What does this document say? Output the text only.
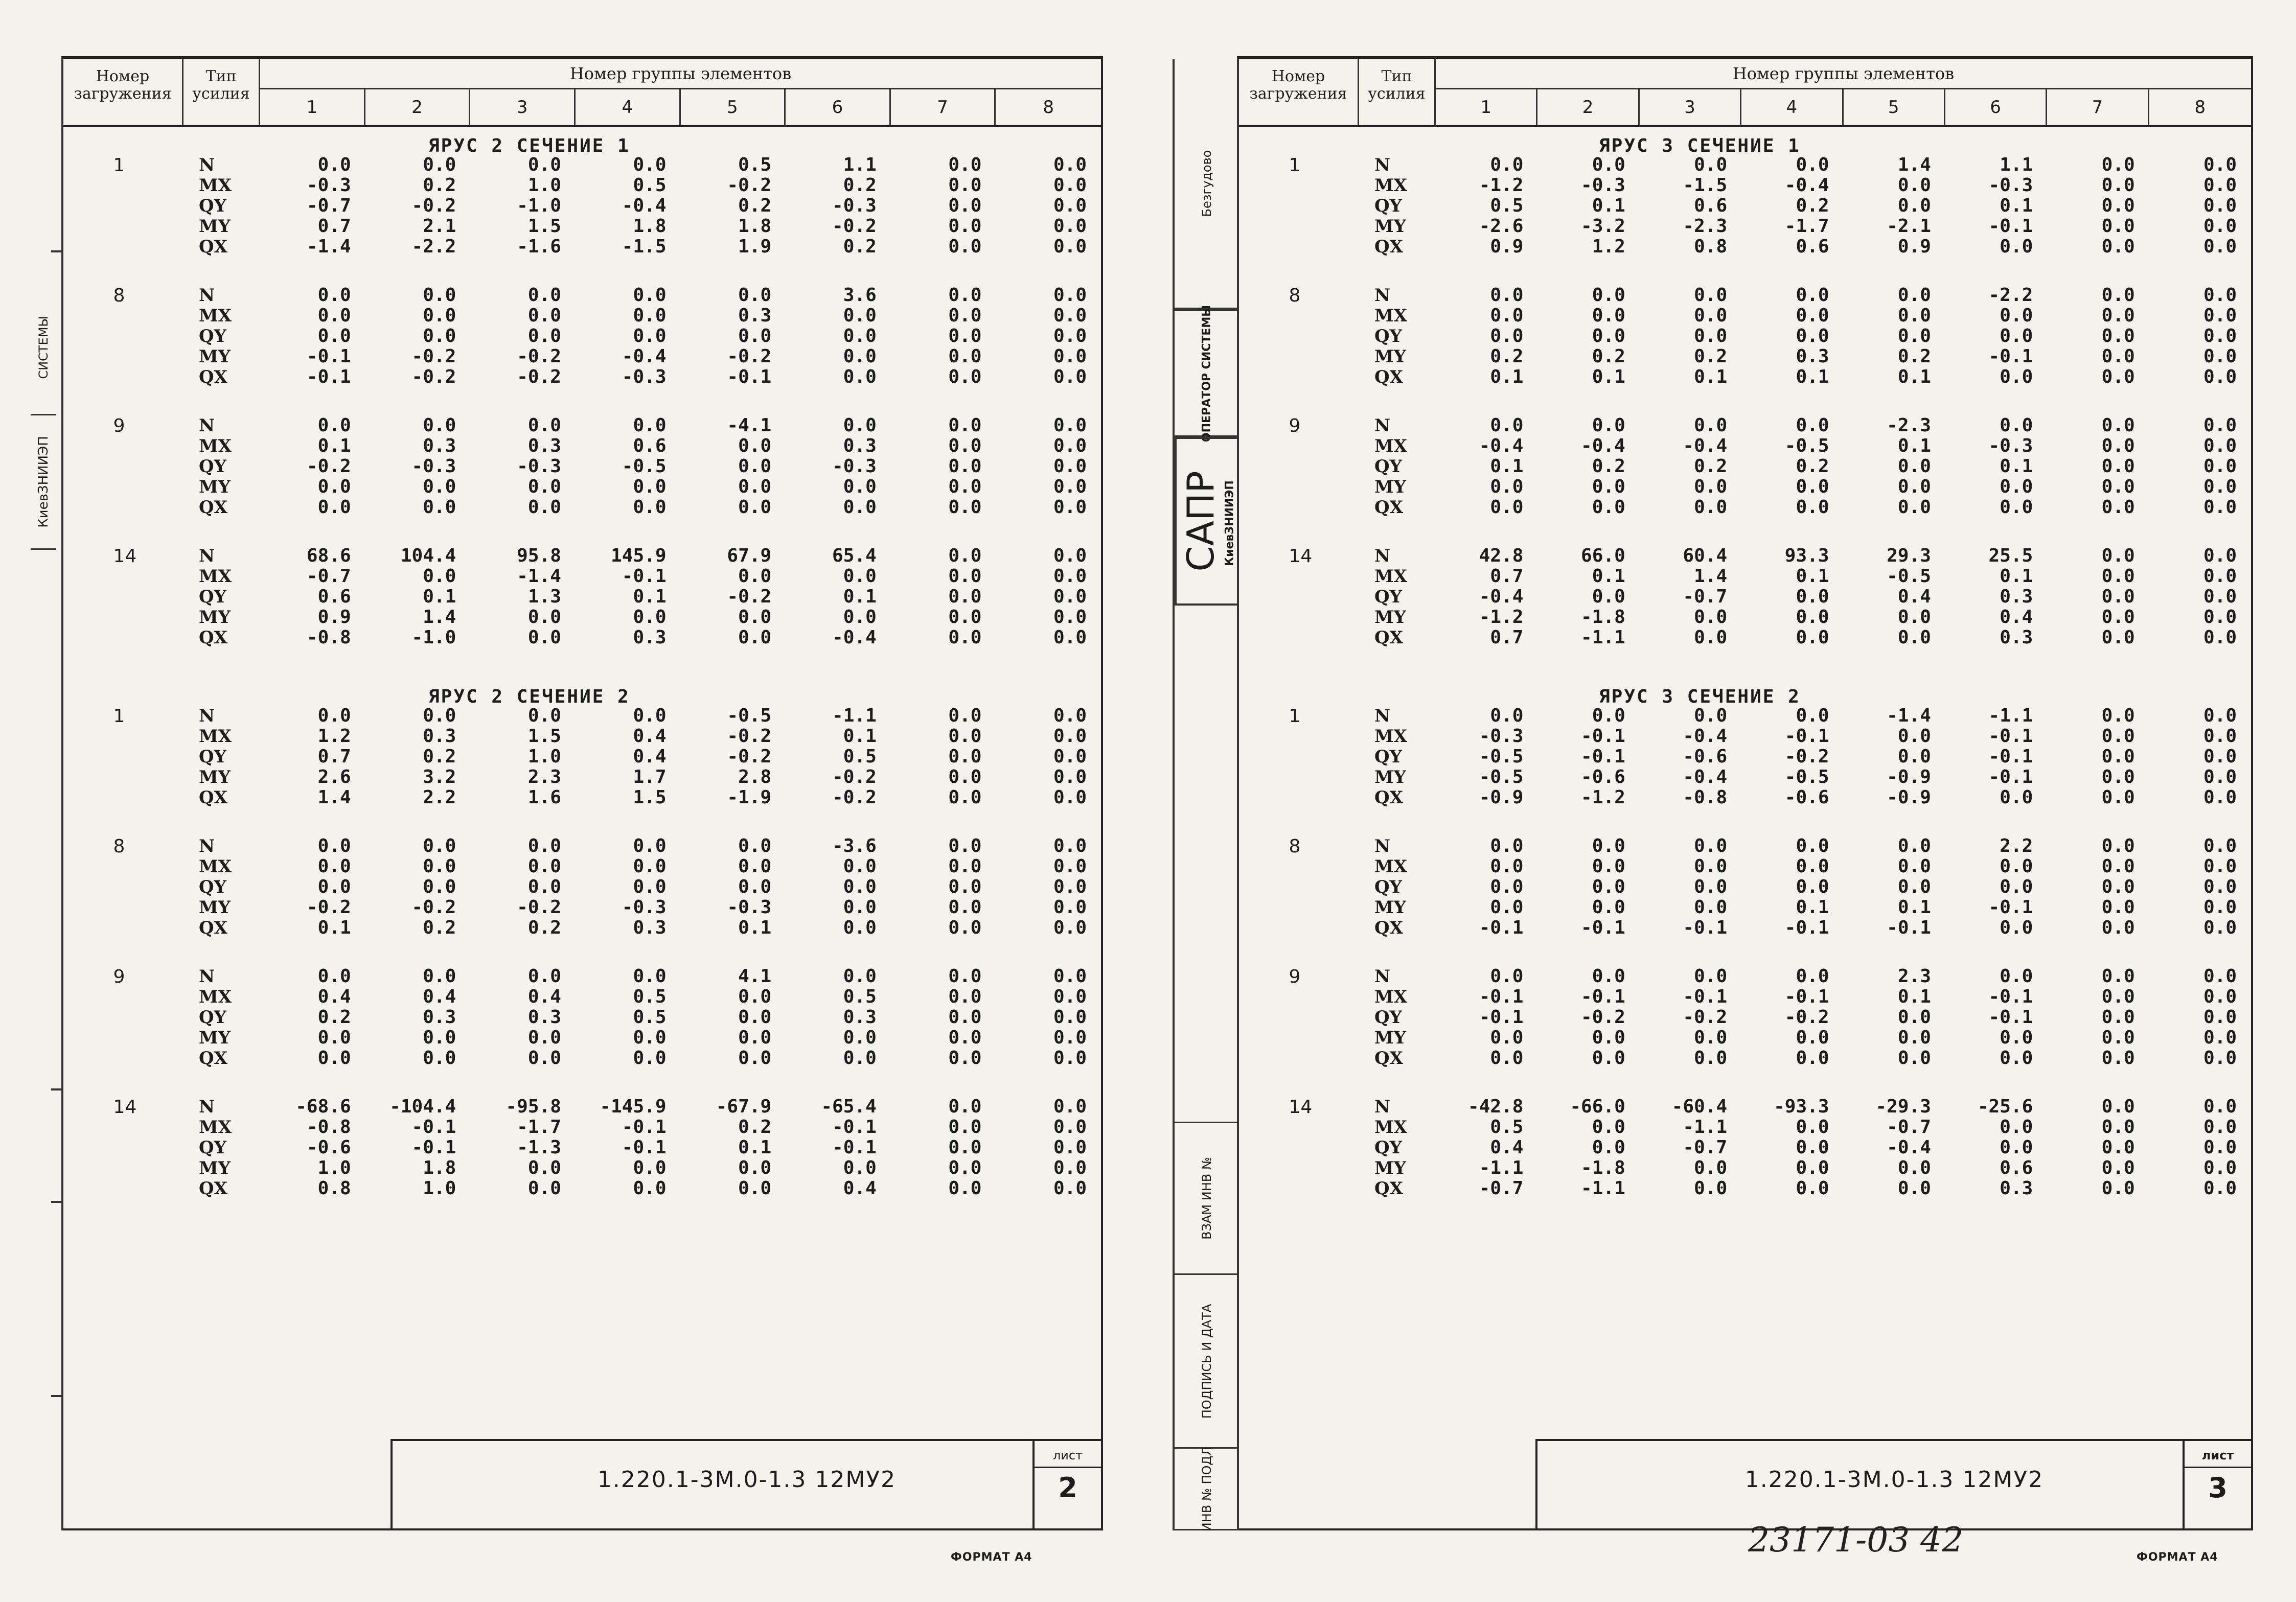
Номер загружения
Тип усилия
Номер группы элементов
1	2	3	4	5	6	7	8
ЯРУС 2 СЕЧЕНИЕ 1
1	N	0.0	0.0	0.0	0.0	0.5	1.1	0.0	0.0
MX	-0.3	0.2	1.0	0.5	-0.2	0.2	0.0	0.0
QY	-0.7	-0.2	-1.0	-0.4	0.2	-0.3	0.0	0.0
MY	0.7	2.1	1.5	1.8	1.8	-0.2	0.0	0.0
QX	-1.4	-2.2	-1.6	-1.5	1.9	0.2	0.0	0.0
8	N	0.0	0.0	0.0	0.0	0.0	3.6	0.0	0.0
MX	0.0	0.0	0.0	0.0	0.3	0.0	0.0	0.0
QY	0.0	0.0	0.0	0.0	0.0	0.0	0.0	0.0
MY	-0.1	-0.2	-0.2	-0.4	-0.2	0.0	0.0	0.0
QX	-0.1	-0.2	-0.2	-0.3	-0.1	0.0	0.0	0.0
9	N	0.0	0.0	0.0	0.0	-4.1	0.0	0.0	0.0
MX	0.1	0.3	0.3	0.6	0.0	0.3	0.0	0.0
QY	-0.2	-0.3	-0.3	-0.5	0.0	-0.3	0.0	0.0
MY	0.0	0.0	0.0	0.0	0.0	0.0	0.0	0.0
QX	0.0	0.0	0.0	0.0	0.0	0.0	0.0	0.0
14	N	68.6	104.4	95.8	145.9	67.9	65.4	0.0	0.0
MX	-0.7	0.0	-1.4	-0.1	0.0	0.0	0.0	0.0
QY	0.6	0.1	1.3	0.1	-0.2	0.1	0.0	0.0
MY	0.9	1.4	0.0	0.0	0.0	0.0	0.0	0.0
QX	-0.8	-1.0	0.0	0.3	0.0	-0.4	0.0	0.0
ЯРУС 2 СЕЧЕНИЕ 2
1	N	0.0	0.0	0.0	0.0	-0.5	-1.1	0.0	0.0
MX	1.2	0.3	1.5	0.4	-0.2	0.1	0.0	0.0
QY	0.7	0.2	1.0	0.4	-0.2	0.5	0.0	0.0
MY	2.6	3.2	2.3	1.7	2.8	-0.2	0.0	0.0
QX	1.4	2.2	1.6	1.5	-1.9	-0.2	0.0	0.0
8	N	0.0	0.0	0.0	0.0	0.0	-3.6	0.0	0.0
MX	0.0	0.0	0.0	0.0	0.0	0.0	0.0	0.0
QY	0.0	0.0	0.0	0.0	0.0	0.0	0.0	0.0
MY	-0.2	-0.2	-0.2	-0.3	-0.3	0.0	0.0	0.0
QX	0.1	0.2	0.2	0.3	0.1	0.0	0.0	0.0
9	N	0.0	0.0	0.0	0.0	4.1	0.0	0.0	0.0
MX	0.4	0.4	0.4	0.5	0.0	0.5	0.0	0.0
QY	0.2	0.3	0.3	0.5	0.0	0.3	0.0	0.0
MY	0.0	0.0	0.0	0.0	0.0	0.0	0.0	0.0
QX	0.0	0.0	0.0	0.0	0.0	0.0	0.0	0.0
14	N	-68.6	-104.4	-95.8	-145.9	-67.9	-65.4	0.0	0.0
MX	-0.8	-0.1	-1.7	-0.1	0.2	-0.1	0.0	0.0
QY	-0.6	-0.1	-1.3	-0.1	0.1	-0.1	0.0	0.0
MY	1.0	1.8	0.0	0.0	0.0	0.0	0.0	0.0
QX	0.8	1.0	0.0	0.0	0.0	0.4	0.0	0.0
1.220.1-3М.0-1.3 12МУ2
лист
2
ФОРМАТ А4
СИСТЕМЫ
КиевЗНИИЭП
Безгудово
ОПЕРАТОР СИСТЕМЫ
САПР КиевЗНИИЭП
ВЗАМ ИНВ №
ПОДПИСЬ И ДАТА
ИНВ № ПОДЛ
Номер загружения
Тип усилия
Номер группы элементов
1	2	3	4	5	6	7	8
ЯРУС 3 СЕЧЕНИЕ 1
1	N	0.0	0.0	0.0	0.0	1.4	1.1	0.0	0.0
MX	-1.2	-0.3	-1.5	-0.4	0.0	-0.3	0.0	0.0
QY	0.5	0.1	0.6	0.2	0.0	0.1	0.0	0.0
MY	-2.6	-3.2	-2.3	-1.7	-2.1	-0.1	0.0	0.0
QX	0.9	1.2	0.8	0.6	0.9	0.0	0.0	0.0
8	N	0.0	0.0	0.0	0.0	0.0	-2.2	0.0	0.0
MX	0.0	0.0	0.0	0.0	0.0	0.0	0.0	0.0
QY	0.0	0.0	0.0	0.0	0.0	0.0	0.0	0.0
MY	0.2	0.2	0.2	0.3	0.2	-0.1	0.0	0.0
QX	0.1	0.1	0.1	0.1	0.1	0.0	0.0	0.0
9	N	0.0	0.0	0.0	0.0	-2.3	0.0	0.0	0.0
MX	-0.4	-0.4	-0.4	-0.5	0.1	-0.3	0.0	0.0
QY	0.1	0.2	0.2	0.2	0.0	0.1	0.0	0.0
MY	0.0	0.0	0.0	0.0	0.0	0.0	0.0	0.0
QX	0.0	0.0	0.0	0.0	0.0	0.0	0.0	0.0
14	N	42.8	66.0	60.4	93.3	29.3	25.5	0.0	0.0
MX	0.7	0.1	1.4	0.1	-0.5	0.1	0.0	0.0
QY	-0.4	0.0	-0.7	0.0	0.4	0.3	0.0	0.0
MY	-1.2	-1.8	0.0	0.0	0.0	0.4	0.0	0.0
QX	0.7	-1.1	0.0	0.0	0.0	0.3	0.0	0.0
ЯРУС 3 СЕЧЕНИЕ 2
1	N	0.0	0.0	0.0	0.0	-1.4	-1.1	0.0	0.0
MX	-0.3	-0.1	-0.4	-0.1	0.0	-0.1	0.0	0.0
QY	-0.5	-0.1	-0.6	-0.2	0.0	-0.1	0.0	0.0
MY	-0.5	-0.6	-0.4	-0.5	-0.9	-0.1	0.0	0.0
QX	-0.9	-1.2	-0.8	-0.6	-0.9	0.0	0.0	0.0
8	N	0.0	0.0	0.0	0.0	0.0	2.2	0.0	0.0
MX	0.0	0.0	0.0	0.0	0.0	0.0	0.0	0.0
QY	0.0	0.0	0.0	0.0	0.0	0.0	0.0	0.0
MY	0.0	0.0	0.0	0.1	0.1	-0.1	0.0	0.0
QX	-0.1	-0.1	-0.1	-0.1	-0.1	0.0	0.0	0.0
9	N	0.0	0.0	0.0	0.0	2.3	0.0	0.0	0.0
MX	-0.1	-0.1	-0.1	-0.1	0.1	-0.1	0.0	0.0
QY	-0.1	-0.2	-0.2	-0.2	0.0	-0.1	0.0	0.0
MY	0.0	0.0	0.0	0.0	0.0	0.0	0.0	0.0
QX	0.0	0.0	0.0	0.0	0.0	0.0	0.0	0.0
14	N	-42.8	-66.0	-60.4	-93.3	-29.3	-25.6	0.0	0.0
MX	0.5	0.0	-1.1	0.0	-0.7	0.0	0.0	0.0
QY	0.4	0.0	-0.7	0.0	-0.4	0.0	0.0	0.0
MY	-1.1	-1.8	0.0	0.0	0.0	0.6	0.0	0.0
QX	-0.7	-1.1	0.0	0.0	0.0	0.3	0.0	0.0
1.220.1-3М.0-1.3 12МУ2
лист
3
23171-03 42	ФОРМАТ А4
